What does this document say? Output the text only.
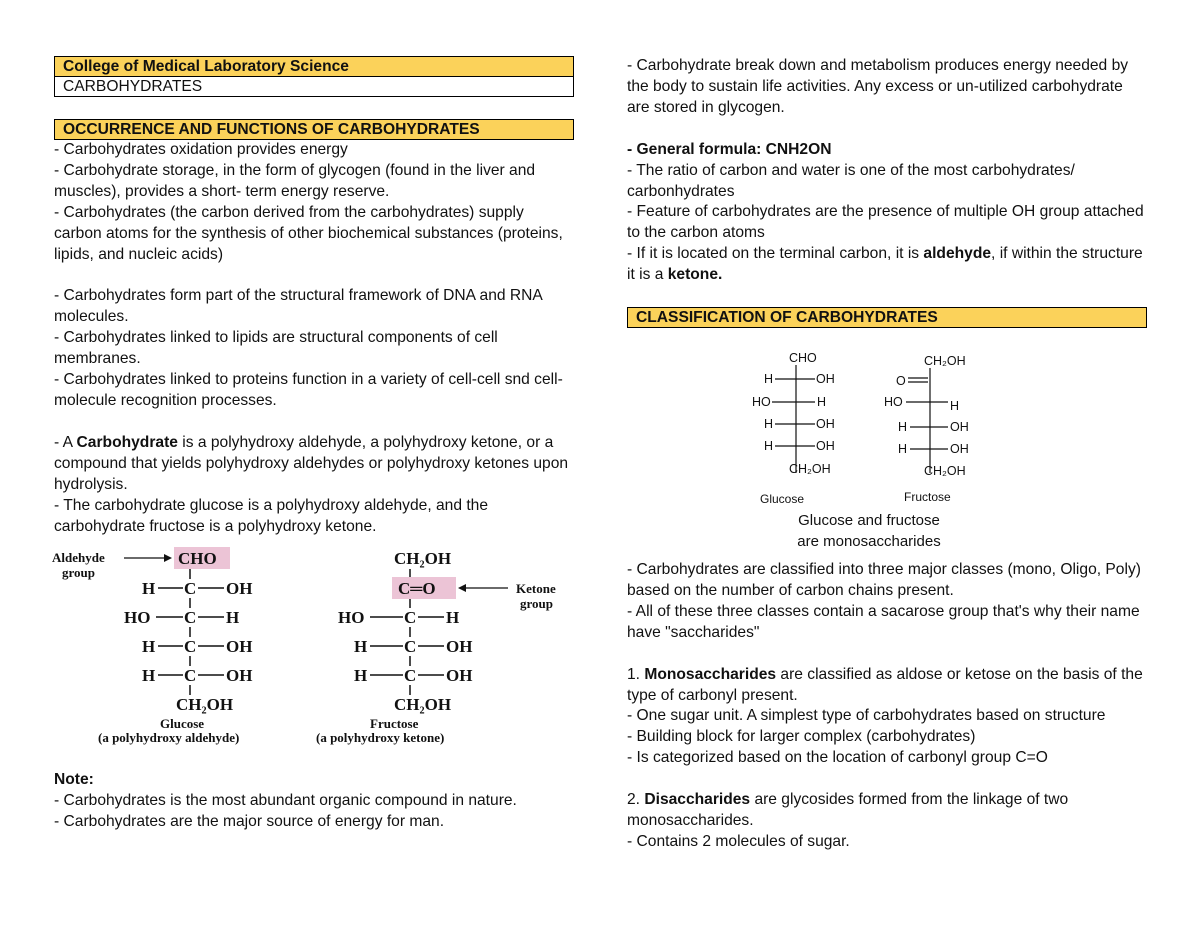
College of Medical Laboratory Science
CARBOHYDRATES
OCCURRENCE AND FUNCTIONS OF CARBOHYDRATES

- Carbohydrates oxidation provides energy

- Carbohydrate storage, in the form of glycogen (found in the liver and muscles), provides a short- term energy reserve.

- Carbohydrates (the carbon derived from the carbohydrates) supply carbon atoms for the synthesis of other biochemical substances (proteins, lipids, and nucleic acids)

- Carbohydrates form part of the structural framework of DNA and RNA molecules.

- Carbohydrates linked to lipids are structural components of cell membranes.

- Carbohydrates linked to proteins function in a variety of cell-cell snd cell-molecule recognition processes.

- A Carbohydrate is a polyhydroxy aldehyde, a polyhydroxy ketone, or a compound that yields polyhydroxy aldehydes or polyhydroxy ketones upon hydrolysis.

- The carbohydrate glucose is a polyhydroxy aldehyde, and the carbohydrate fructose is a polyhydroxy ketone.

Aldehyde
group
Ketone
group
CHO
H C OH
HO C H
H C OH
H C OH
CH₂OH
Glucose
(a polyhydroxy aldehyde)
CH₂OH
C═O
HO C H
H C OH
H C OH
CH₂OH
Fructose
(a polyhydroxy ketone)

Note:

- Carbohydrates is the most abundant organic compound in nature.

- Carbohydrates are the major source of energy for man.

- Carbohydrate break down and metabolism produces energy needed by the body to sustain life activities. Any excess or un-utilized carbohydrate are stored in glycogen.

- General formula: CNH2ON

- The ratio of carbon and water is one of the most carbohydrates/ carbonhydrates

- Feature of carbohydrates are the presence of multiple OH group attached to the carbon atoms

- If it is located on the terminal carbon, it is aldehyde, if within the structure it is a ketone.

CLASSIFICATION OF CARBOHYDRATES
CHO
H	OH
HO	H
H	OH
H	OH
CH₂OH
Glucose
CH₂OH
O
HO	H
H	OH
H	OH
CH₂OH
Fructose
Glucose and fructose
are monosaccharides

- Carbohydrates are classified into three major classes (mono, Oligo, Poly) based on the number of carbon chains present.

- All of these three classes contain a sacarose group that's why their name have "saccharides"

1. Monosaccharides are classified as aldose or ketose on the basis of the type of carbonyl present.

- One sugar unit. A simplest type of carbohydrates based on structure

- Building block for larger complex (carbohydrates)

- Is categorized based on the location of carbonyl group C=O

2. Disaccharides are glycosides formed from the linkage of two monosaccharides.

- Contains 2 molecules of sugar.
